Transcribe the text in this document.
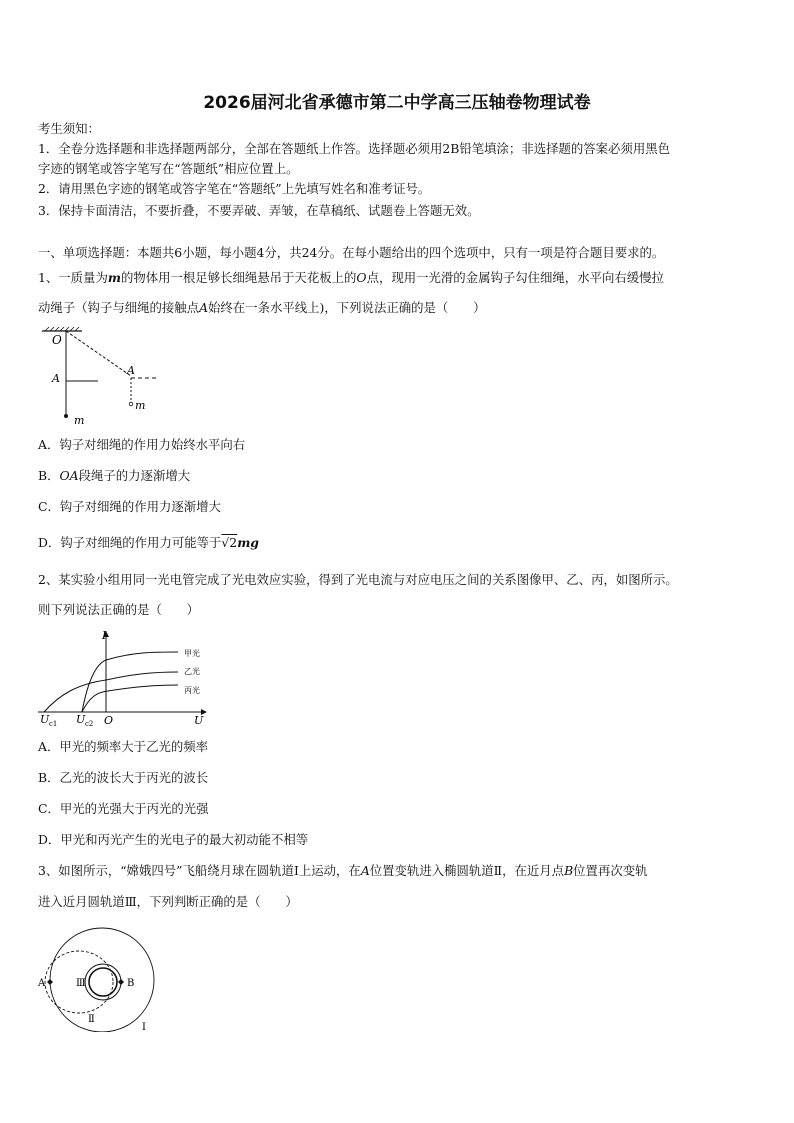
2026届河北省承德市第二中学高三压轴卷物理试卷
考生须知：
1．全卷分选择题和非选择题两部分，全部在答题纸上作答。选择题必须用2B铅笔填涂；非选择题的答案必须用黑色
字迹的钢笔或答字笔写在“答题纸”相应位置上。
2．请用黑色字迹的钢笔或答字笔在“答题纸”上先填写姓名和准考证号。
3．保持卡面清洁，不要折叠，不要弄破、弄皱，在草稿纸、试题卷上答题无效。
一、单项选择题：本题共6小题，每小题4分，共24分。在每小题给出的四个选项中，只有一项是符合题目要求的。
1、一质量为m的物体用一根足够长细绳悬吊于天花板上的O点，现用一光滑的金属钩子勾住细绳，水平向右缓慢拉
动绳子（钩子与细绳的接触点A始终在一条水平线上)，下列说法正确的是（　　）
O
A
A
m
m
A．钩子对细绳的作用力始终水平向右
B．OA段绳子的力逐渐增大
C．钩子对细绳的作用力逐渐增大
D．钩子对细绳的作用力可能等于√2mg
2、某实验小组用同一光电管完成了光电效应实验，得到了光电流与对应电压之间的关系图像甲、乙、丙，如图所示。
则下列说法正确的是（　　）
I
U
O
U c1 U c2
甲光
乙光
丙光
A．甲光的频率大于乙光的频率
B．乙光的波长大于丙光的波长
C．甲光的光强大于丙光的光强
D．甲光和丙光产生的光电子的最大初动能不相等
3、如图所示，“嫦娥四号”飞船绕月球在圆轨道Ⅰ上运动，在A位置变轨进入椭圆轨道Ⅱ，在近月点B位置再次变轨
进入近月圆轨道Ⅲ，下列判断正确的是（　　）
A	B
Ⅲ
Ⅱ
Ⅰ
